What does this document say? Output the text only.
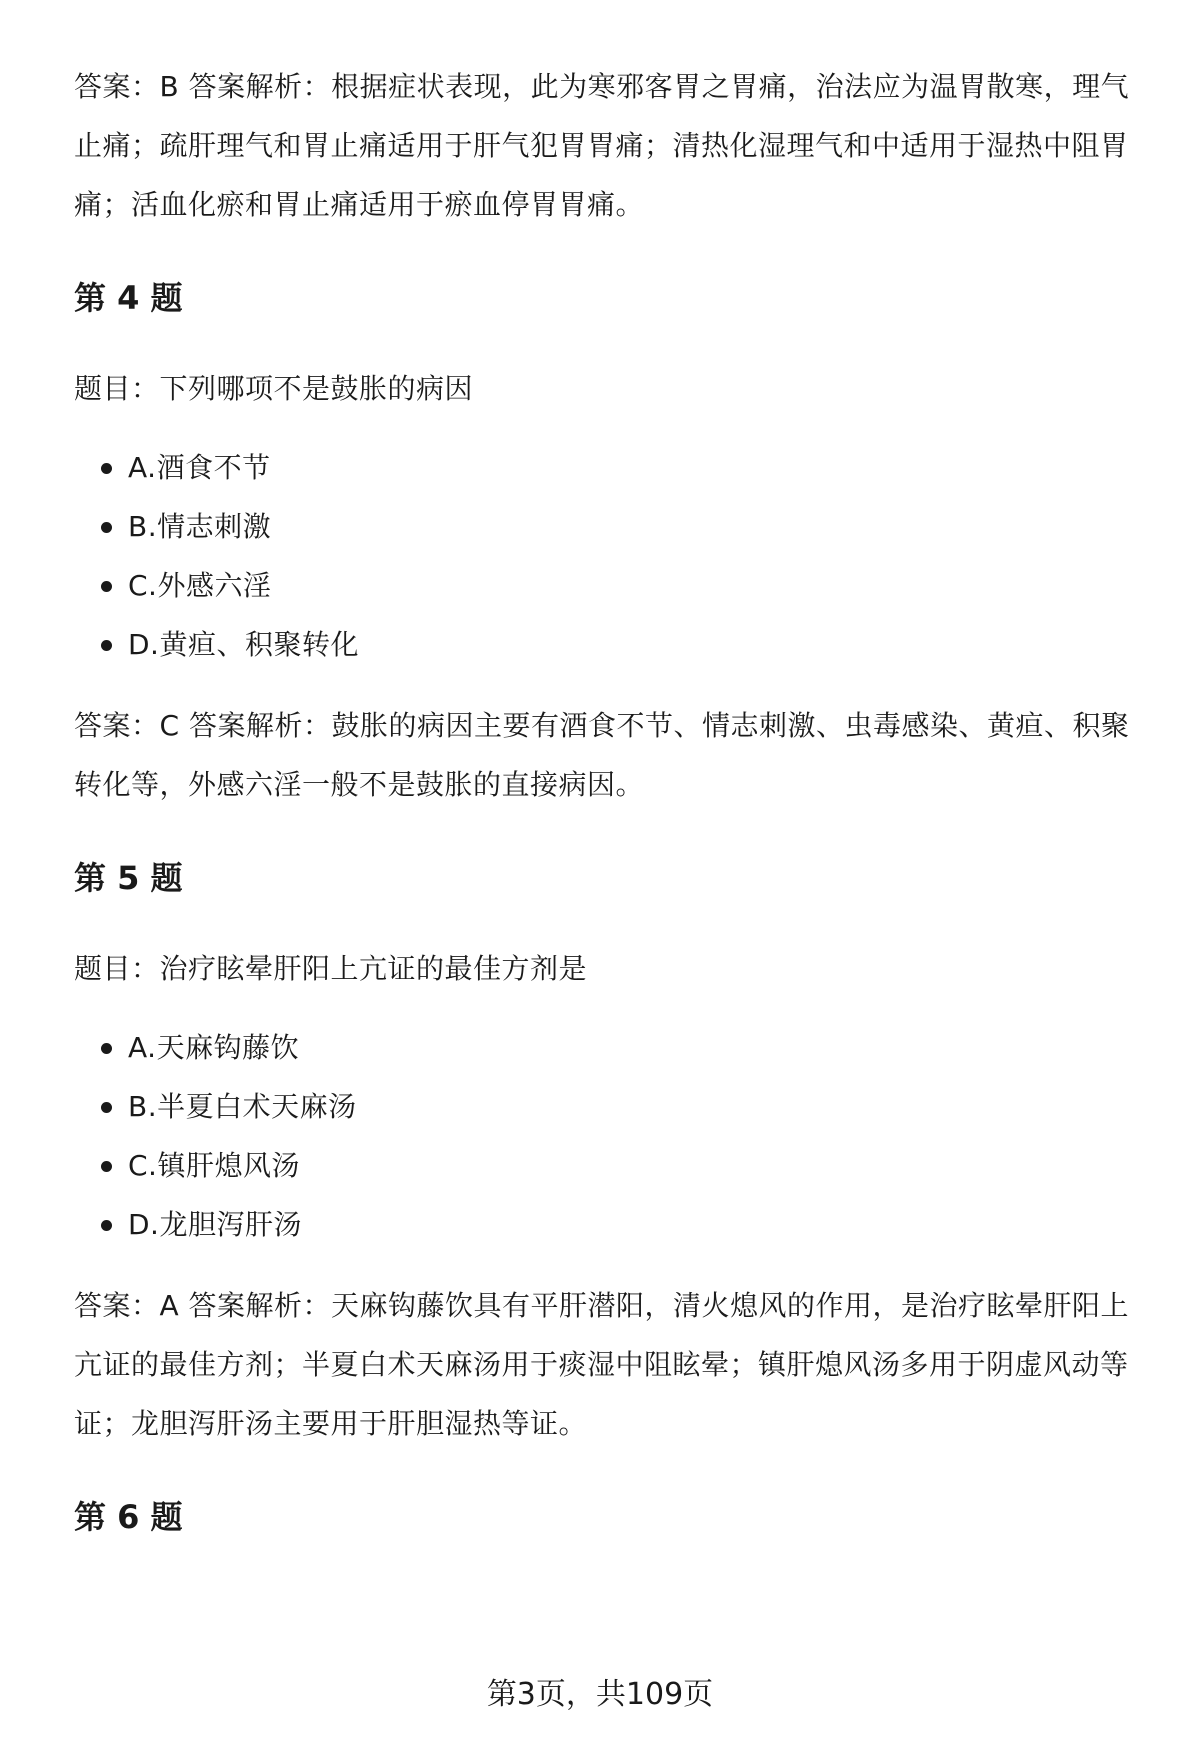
答案：B 答案解析：根据症状表现，此为寒邪客胃之胃痛，治法应为温胃散寒，理气止痛；疏肝理气和胃止痛适用于肝气犯胃胃痛；清热化湿理气和中适用于湿热中阻胃痛；活血化瘀和胃止痛适用于瘀血停胃胃痛。

第 4 题

题目：下列哪项不是鼓胀的病因

A.酒食不节
B.情志刺激
C.外感六淫
D.黄疸、积聚转化

答案：C 答案解析：鼓胀的病因主要有酒食不节、情志刺激、虫毒感染、黄疸、积聚转化等，外感六淫一般不是鼓胀的直接病因。

第 5 题

题目：治疗眩晕肝阳上亢证的最佳方剂是

A.天麻钩藤饮
B.半夏白术天麻汤
C.镇肝熄风汤
D.龙胆泻肝汤

答案：A 答案解析：天麻钩藤饮具有平肝潜阳，清火熄风的作用，是治疗眩晕肝阳上亢证的最佳方剂；半夏白术天麻汤用于痰湿中阻眩晕；镇肝熄风汤多用于阴虚风动等证；龙胆泻肝汤主要用于肝胆湿热等证。

第 6 题
第3页，共109页
